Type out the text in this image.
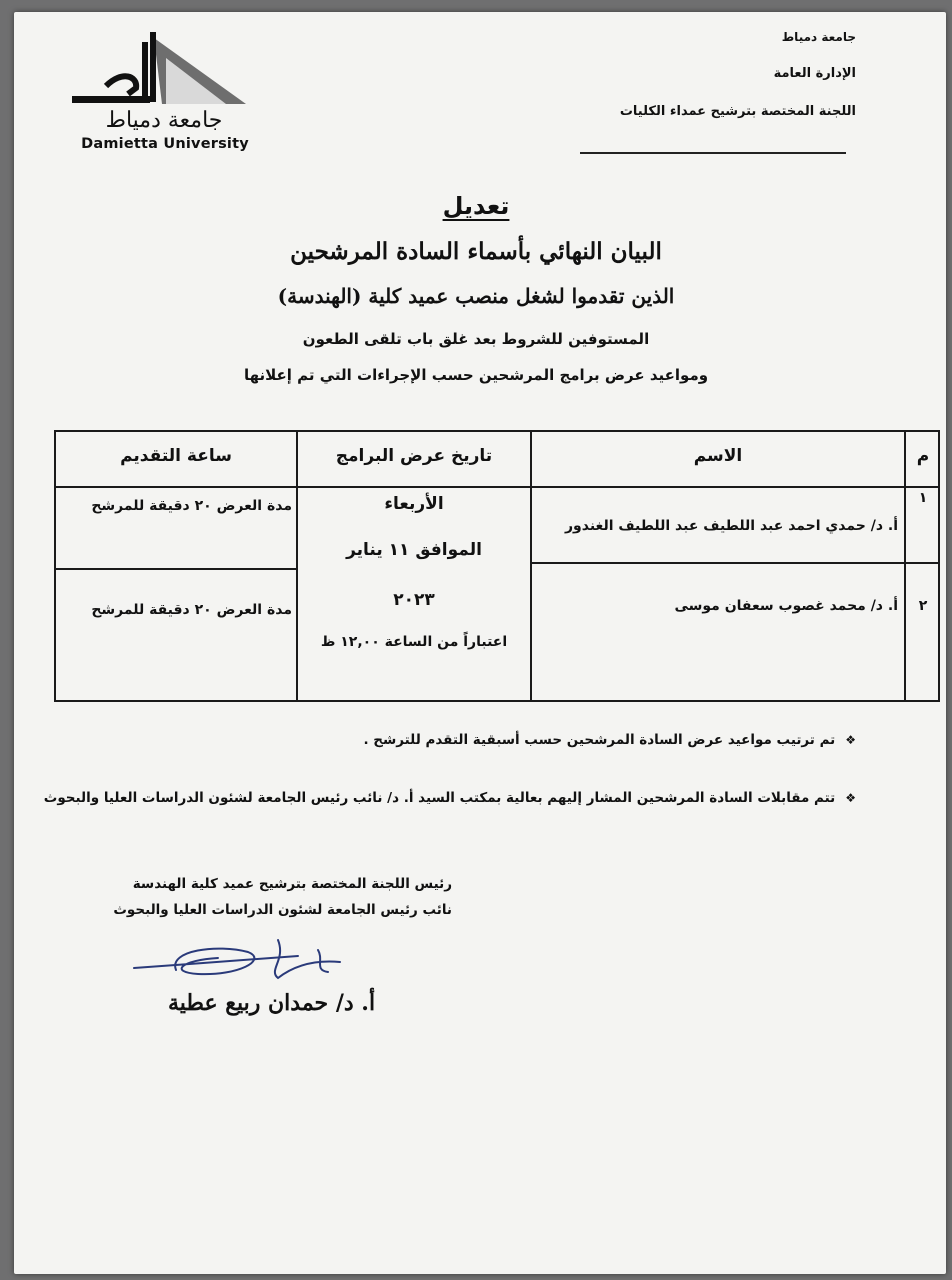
جامعة دمياط
Damietta University
جامعة دمياط
الإدارة العامة
اللجنة المختصة بترشيح عمداء الكليات
تعديل
البيان النهائي بأسماء السادة المرشحين
الذين تقدموا لشغل منصب عميد كلية (الهندسة)
المستوفين للشروط بعد غلق باب تلقى الطعون
ومواعيد عرض برامج المرشحين حسب الإجراءات التي تم إعلانها
م
الاسم
تاريخ عرض البرامج
ساعة التقديم
١
أ. د/ حمدي احمد عبد اللطيف عبد اللطيف الغندور
مدة العرض ٢٠ دقيقة للمرشح
٢
أ. د/ محمد غصوب سعفان موسى
مدة العرض ٢٠ دقيقة للمرشح
الأربعاء
الموافق ١١ يناير
٢٠٢٣
اعتباراً من الساعة ١٢,٠٠ ظ
❖تم ترتيب مواعيد عرض السادة المرشحين حسب أسبقية التقدم للترشح .
❖تتم مقابلات السادة المرشحين المشار إليهم بعالية بمكتب السيد أ. د/ نائب رئيس الجامعة لشئون الدراسات العليا والبحوث
رئيس اللجنة المختصة بترشيح عميد كلية الهندسة
نائب رئيس الجامعة لشئون الدراسات العليا والبحوث
أ. د/ حمدان ربيع عطية
